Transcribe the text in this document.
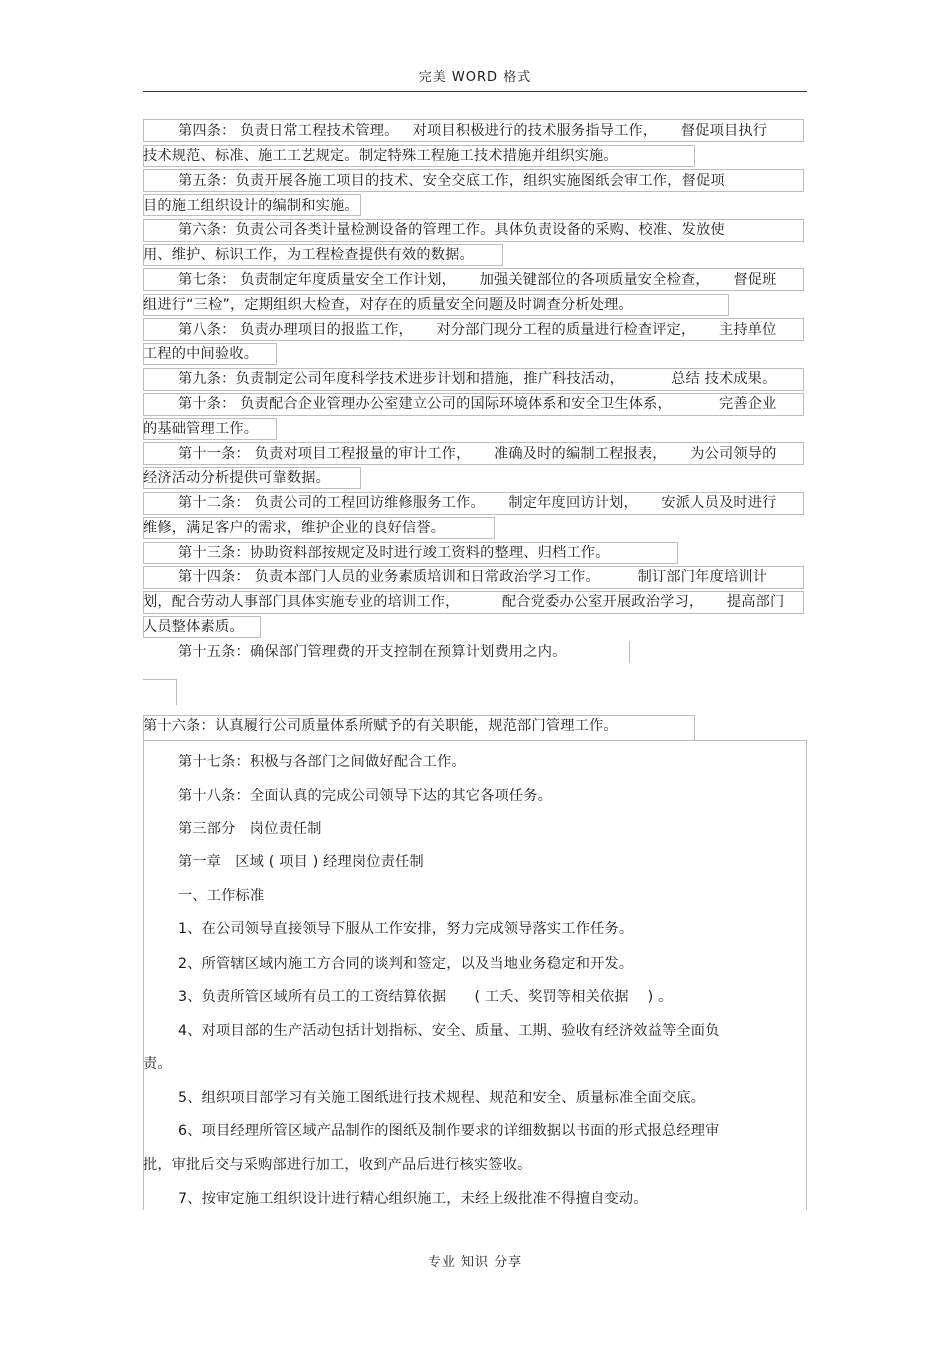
完美 WORD 格式
第四条： 负责日常工程技术管理。   对项目积极进行的技术服务指导工作，     督促项目执行
技术规范、标准、施工工艺规定。制定特殊工程施工技术措施并组织实施。
第五条：负责开展各施工项目的技术、安全交底工作，组织实施图纸会审工作，督促项
目的施工组织设计的编制和实施。
第六条：负责公司各类计量检测设备的管理工作。具体负责设备的采购、校准、发放使
用、维护、标识工作，为工程检查提供有效的数据。
第七条： 负责制定年度质量安全工作计划，     加强关键部位的各项质量安全检查，     督促班
组进行“三检”，定期组织大检查，对存在的质量安全问题及时调查分析处理。
第八条： 负责办理项目的报监工作，     对分部门现分工程的质量进行检查评定，     主持单位
工程的中间验收。
第九条：负责制定公司年度科学技术进步计划和措施，推广科技活动，          总结 技术成果。
第十条： 负责配合企业管理办公室建立公司的国际环境体系和安全卫生体系，          完善企业
的基础管理工作。
第十一条： 负责对项目工程报量的审计工作，     准确及时的编制工程报表，     为公司领导的
经济活动分析提供可靠数据。
第十二条： 负责公司的工程回访维修服务工作。     制定年度回访计划，     安派人员及时进行
维修，满足客户的需求，维护企业的良好信誉。
第十三条：协助资料部按规定及时进行竣工资料的整理、归档工作。
第十四条： 负责本部门人员的业务素质培训和日常政治学习工作。        制订部门年度培训计
划，配合劳动人事部门具体实施专业的培训工作，         配合党委办公室开展政治学习，     提高部门
人员整体素质。
第十五条：确保部门管理费的开支控制在预算计划费用之内。
第十六条：认真履行公司质量体系所赋予的有关职能，规范部门管理工作。
第十七条：积极与各部门之间做好配合工作。
第十八条：全面认真的完成公司领导下达的其它各项任务。
第三部分   岗位责任制
第一章   区域 ( 项目 ) 经理岗位责任制
一、工作标准
1、在公司领导直接领导下服从工作安排，努力完成领导落实工作任务。
2、所管辖区域内施工方合同的谈判和签定，以及当地业务稳定和开发。
3、负责所管区域所有员工的工资结算依据      ( 工夭、奖罚等相关依据    ) 。
4、对项目部的生产活动包括计划指标、安全、质量、工期、验收有经济效益等全面负
责。
5、组织项目部学习有关施工图纸进行技术规程、规范和安全、质量标准全面交底。
6、项目经理所管区域产品制作的图纸及制作要求的详细数据以书面的形式报总经理审
批，审批后交与采购部进行加工，收到产品后进行核实签收。
7、按审定施工组织设计进行精心组织施工，未经上级批准不得擅自变动。
专业 知识 分享
